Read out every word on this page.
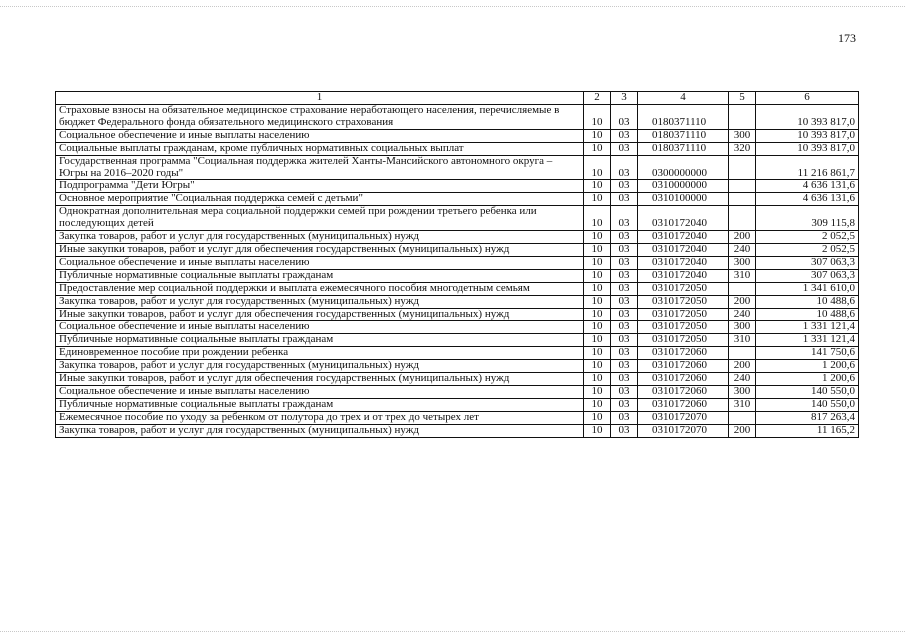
173
1	2	3	4	5	6
Страховые взносы на обязательное медицинское страхование неработающего населения, перечисляемые в бюджет Федерального фонда обязательного медицинского страхования	10	03	0180371110		10 393 817,0
Социальное обеспечение и иные выплаты населению	10	03	0180371110	300	10 393 817,0
Социальные выплаты гражданам, кроме публичных нормативных социальных выплат	10	03	0180371110	320	10 393 817,0
Государственная программа "Социальная поддержка жителей Ханты-Мансийского автономного округа – Югры на 2016–2020 годы"	10	03	0300000000		11 216 861,7
Подпрограмма "Дети Югры"	10	03	0310000000		4 636 131,6
Основное мероприятие "Социальная поддержка семей с детьми"	10	03	0310100000		4 636 131,6
Однократная дополнительная мера социальной поддержки семей при рождении третьего ребенка или последующих детей	10	03	0310172040		309 115,8
Закупка товаров, работ и услуг для государственных (муниципальных) нужд	10	03	0310172040	200	2 052,5
Иные закупки товаров, работ и услуг для обеспечения государственных (муниципальных) нужд	10	03	0310172040	240	2 052,5
Социальное обеспечение и иные выплаты населению	10	03	0310172040	300	307 063,3
Публичные нормативные социальные выплаты гражданам	10	03	0310172040	310	307 063,3
Предоставление мер социальной поддержки и выплата ежемесячного пособия многодетным семьям	10	03	0310172050		1 341 610,0
Закупка товаров, работ и услуг для государственных (муниципальных) нужд	10	03	0310172050	200	10 488,6
Иные закупки товаров, работ и услуг для обеспечения государственных (муниципальных) нужд	10	03	0310172050	240	10 488,6
Социальное обеспечение и иные выплаты населению	10	03	0310172050	300	1 331 121,4
Публичные нормативные социальные выплаты гражданам	10	03	0310172050	310	1 331 121,4
Единовременное пособие при рождении ребенка	10	03	0310172060		141 750,6
Закупка товаров, работ и услуг для государственных (муниципальных) нужд	10	03	0310172060	200	1 200,6
Иные закупки товаров, работ и услуг для обеспечения государственных (муниципальных) нужд	10	03	0310172060	240	1 200,6
Социальное обеспечение и иные выплаты населению	10	03	0310172060	300	140 550,0
Публичные нормативные социальные выплаты гражданам	10	03	0310172060	310	140 550,0
Ежемесячное пособие по уходу за ребенком от полутора до трех и от трех до четырех лет	10	03	0310172070		817 263,4
Закупка товаров, работ и услуг для государственных (муниципальных) нужд	10	03	0310172070	200	11 165,2
